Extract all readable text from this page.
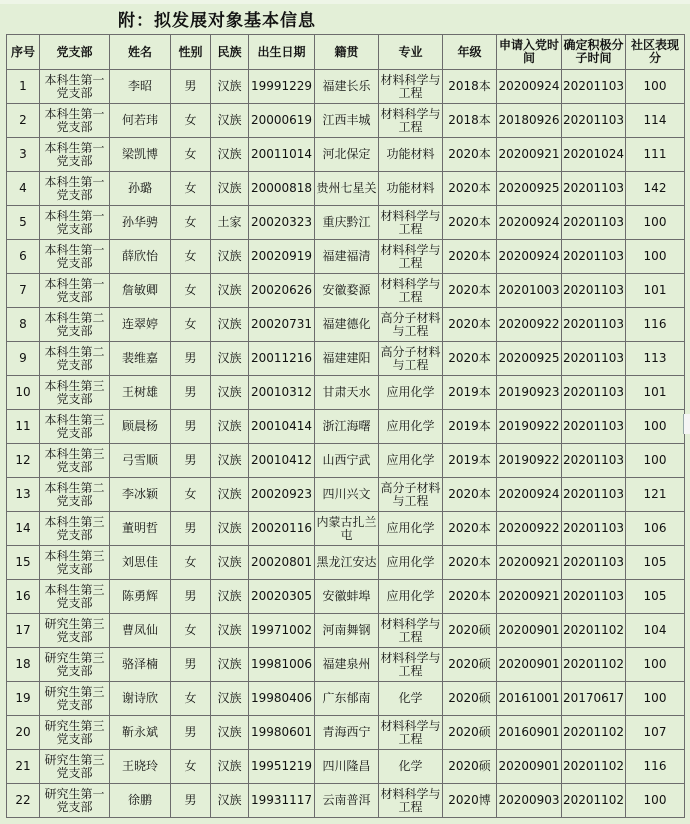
附：拟发展对象基本信息
序号	党支部	姓名	性别	民族	出生日期	籍贯	专业	年级	申请入党时间	确定积极分子时间	社区表现分
1	本科生第一党支部	李昭	男	汉族	19991229	福建长乐	材料科学与工程	2018本	20200924	20201103	100
2	本科生第一党支部	何若玮	女	汉族	20000619	江西丰城	材料科学与工程	2018本	20180926	20201103	114
3	本科生第一党支部	梁凯博	女	汉族	20011014	河北保定	功能材料	2020本	20200921	20201024	111
4	本科生第一党支部	孙璐	女	汉族	20000818	贵州七星关	功能材料	2020本	20200925	20201103	142
5	本科生第一党支部	孙华骋	女	土家	20020323	重庆黔江	材料科学与工程	2020本	20200924	20201103	100
6	本科生第一党支部	薛欣怡	女	汉族	20020919	福建福清	材料科学与工程	2020本	20200924	20201103	100
7	本科生第一党支部	詹敏卿	女	汉族	20020626	安徽婺源	材料科学与工程	2020本	20201003	20201103	101
8	本科生第二党支部	连翠婷	女	汉族	20020731	福建德化	高分子材料与工程	2020本	20200922	20201103	116
9	本科生第二党支部	裴维嘉	男	汉族	20011216	福建建阳	高分子材料与工程	2020本	20200925	20201103	113
10	本科生第三党支部	王树雄	男	汉族	20010312	甘肃天水	应用化学	2019本	20190923	20201103	101
11	本科生第三党支部	顾晨杨	男	汉族	20010414	浙江海曙	应用化学	2019本	20190922	20201103	100
12	本科生第三党支部	弓雪顺	男	汉族	20010412	山西宁武	应用化学	2019本	20190922	20201103	100
13	本科生第二党支部	李冰颖	女	汉族	20020923	四川兴文	高分子材料与工程	2020本	20200924	20201103	121
14	本科生第三党支部	董明哲	男	汉族	20020116	内蒙古扎兰屯	应用化学	2020本	20200922	20201103	106
15	本科生第三党支部	刘思佳	女	汉族	20020801	黑龙江安达	应用化学	2020本	20200921	20201103	105
16	本科生第三党支部	陈勇辉	男	汉族	20020305	安徽蚌埠	应用化学	2020本	20200921	20201103	105
17	研究生第三党支部	曹凤仙	女	汉族	19971002	河南舞钢	材料科学与工程	2020硕	20200901	20201102	104
18	研究生第三党支部	骆泽楠	男	汉族	19981006	福建泉州	材料科学与工程	2020硕	20200901	20201102	100
19	研究生第三党支部	谢诗欣	女	汉族	19980406	广东郁南	化学	2020硕	20161001	20170617	100
20	研究生第三党支部	靳永斌	男	汉族	19980601	青海西宁	材料科学与工程	2020硕	20160901	20201102	107
21	研究生第三党支部	王晓玲	女	汉族	19951219	四川隆昌	化学	2020硕	20200901	20201102	116
22	研究生第一党支部	徐鹏	男	汉族	19931117	云南普洱	材料科学与工程	2020博	20200903	20201102	100
